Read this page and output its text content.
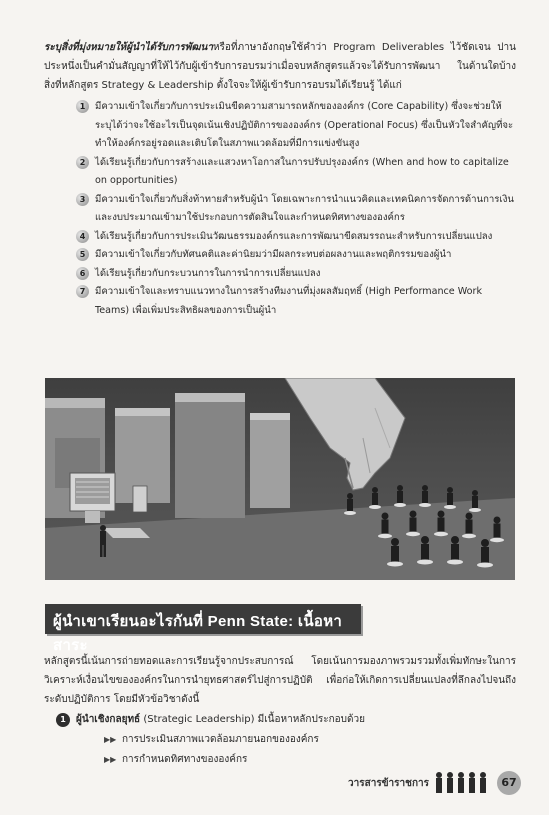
ระบุสิ่งที่มุ่งหมายให้ผู้นำได้รับการพัฒนาหรือที่ภาษาอังกฤษใช้คำว่า Program Deliverables ไว้ชัดเจน ปานประหนึ่งเป็นคำมั่นสัญญาที่ให้ไว้กับผู้เข้ารับการอบรมว่าเมื่อจบหลักสูตรแล้วจะได้รับการพัฒนา ในด้านใดบ้าง สิ่งที่หลักสูตร Strategy & Leadership ตั้งใจจะให้ผู้เข้ารับการอบรมได้เรียนรู้ ได้แก่
1	มีความเข้าใจเกี่ยวกับการประเมินขีดความสามารถหลักขององค์กร (Core Capability) ซึ่งจะช่วยให้ระบุได้ว่าจะใช้อะไรเป็นจุดเน้นเชิงปฏิบัติการขององค์กร (Operational Focus) ซึ่งเป็นหัวใจสำคัญที่จะทำให้องค์กรอยู่รอดและเติบโตในสภาพแวดล้อมที่มีการแข่งขันสูง
2	ได้เรียนรู้เกี่ยวกับการสร้างและแสวงหาโอกาสในการปรับปรุงองค์กร (When and how to capitalize on opportunities)
3	มีความเข้าใจเกี่ยวกับสิ่งท้าทายสำหรับผู้นำ โดยเฉพาะการนำแนวคิดและเทคนิคการจัดการด้านการเงินและงบประมาณเข้ามาใช้ประกอบการตัดสินใจและกำหนดทิศทางขององค์กร
4	ได้เรียนรู้เกี่ยวกับการประเมินวัฒนธรรมองค์กรและการพัฒนาขีดสมรรถนะสำหรับการเปลี่ยนแปลง
5	มีความเข้าใจเกี่ยวกับทัศนคติและค่านิยมว่ามีผลกระทบต่อผลงานและพฤติกรรมของผู้นำ
6	ได้เรียนรู้เกี่ยวกับกระบวนการในการนำการเปลี่ยนแปลง
7	มีความเข้าใจและทราบแนวทางในการสร้างทีมงานที่มุ่งผลสัมฤทธิ์ (High Performance Work Teams) เพื่อเพิ่มประสิทธิผลของการเป็นผู้นำ
ผู้นำเขาเรียนอะไรกันที่ Penn State: เนื้อหาสาระ
หลักสูตรนี้เน้นการถ่ายทอดและการเรียนรู้จากประสบการณ์ โดยเน้นการมองภาพรวมรวมทั้งเพิ่มทักษะในการวิเคราะห์เงื่อนไขขององค์กรในการนำยุทธศาสตร์ไปสู่การปฏิบัติ เพื่อก่อให้เกิดการเปลี่ยนแปลงที่ลึกลงไปจนถึงระดับปฏิบัติการ โดยมีหัวข้อวิชาดังนี้
1 ผู้นำเชิงกลยุทธ์ (Strategic Leadership) มีเนื้อหาหลักประกอบด้วย
▶▶ การประเมินสภาพแวดล้อมภายนอกขององค์กร
▶▶ การกำหนดทิศทางขององค์กร
วารสารข้าราชการ	67
